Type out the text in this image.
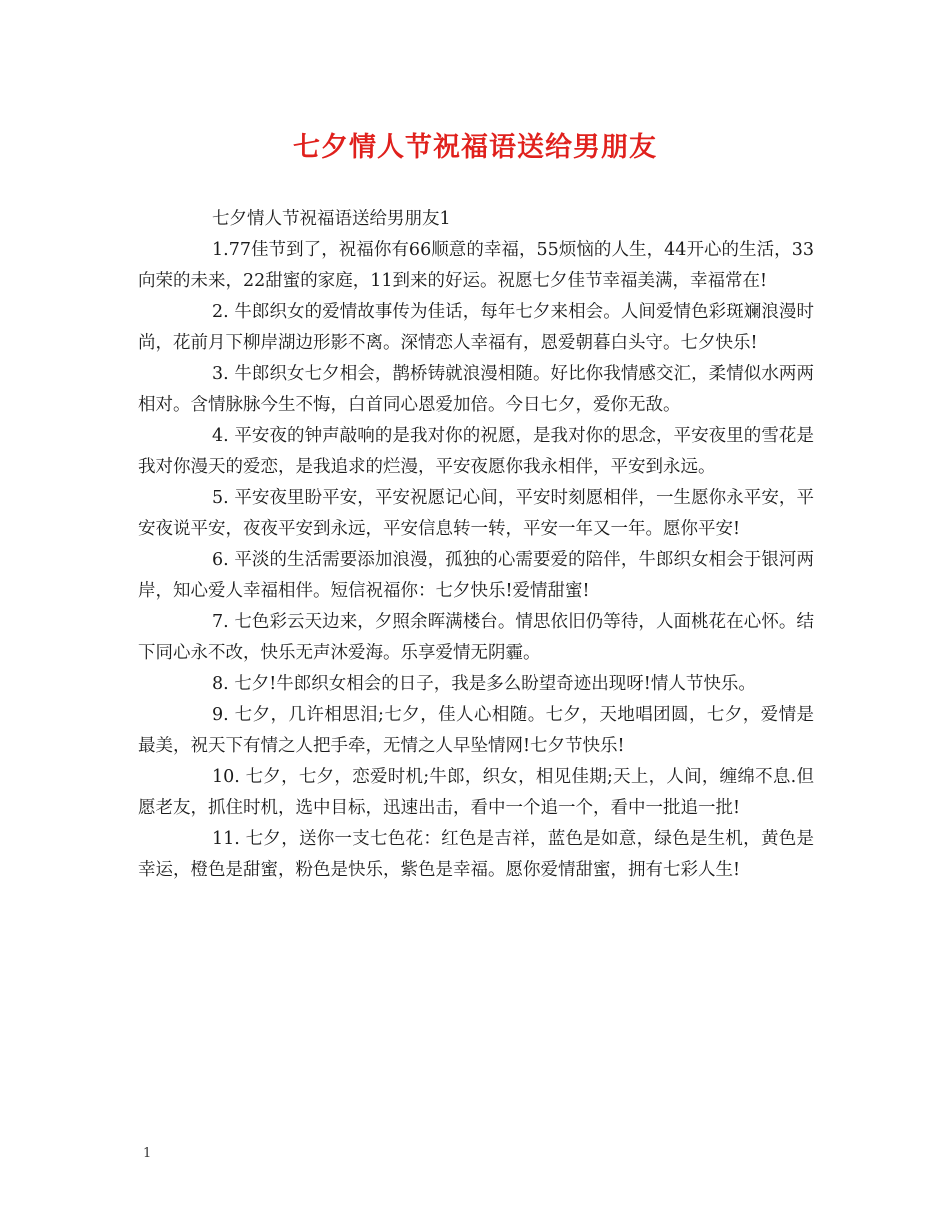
七夕情人节祝福语送给男朋友

七夕情人节祝福语送给男朋友1

1.77佳节到了，祝福你有66顺意的幸福，55烦恼的人生，44开心的生活，33向荣的未来，22甜蜜的家庭，11到来的好运。祝愿七夕佳节幸福美满，幸福常在!

2. 牛郎织女的爱情故事传为佳话，每年七夕来相会。人间爱情色彩斑斓浪漫时尚，花前月下柳岸湖边形影不离。深情恋人幸福有，恩爱朝暮白头守。七夕快乐!

3. 牛郎织女七夕相会，鹊桥铸就浪漫相随。好比你我情感交汇，柔情似水两两相对。含情脉脉今生不悔，白首同心恩爱加倍。今日七夕，爱你无敌。

4. 平安夜的钟声敲响的是我对你的祝愿，是我对你的思念，平安夜里的雪花是我对你漫天的爱恋，是我追求的烂漫，平安夜愿你我永相伴，平安到永远。

5. 平安夜里盼平安，平安祝愿记心间，平安时刻愿相伴，一生愿你永平安，平安夜说平安，夜夜平安到永远，平安信息转一转，平安一年又一年。愿你平安!

6. 平淡的生活需要添加浪漫，孤独的心需要爱的陪伴，牛郎织女相会于银河两岸，知心爱人幸福相伴。短信祝福你：七夕快乐!爱情甜蜜!

7. 七色彩云天边来，夕照余晖满楼台。情思依旧仍等待，人面桃花在心怀。结下同心永不改，快乐无声沐爱海。乐享爱情无阴霾。

8. 七夕!牛郎织女相会的日子，我是多么盼望奇迹出现呀!情人节快乐。

9. 七夕，几许相思泪;七夕，佳人心相随。七夕，天地唱团圆，七夕，爱情是最美，祝天下有情之人把手牵，无情之人早坠情网!七夕节快乐!

10. 七夕，七夕，恋爱时机;牛郎，织女，相见佳期;天上，人间，缠绵不息.但愿老友，抓住时机，选中目标，迅速出击，看中一个追一个，看中一批追一批!

11. 七夕，送你一支七色花：红色是吉祥，蓝色是如意，绿色是生机，黄色是幸运，橙色是甜蜜，粉色是快乐，紫色是幸福。愿你爱情甜蜜，拥有七彩人生!

1
